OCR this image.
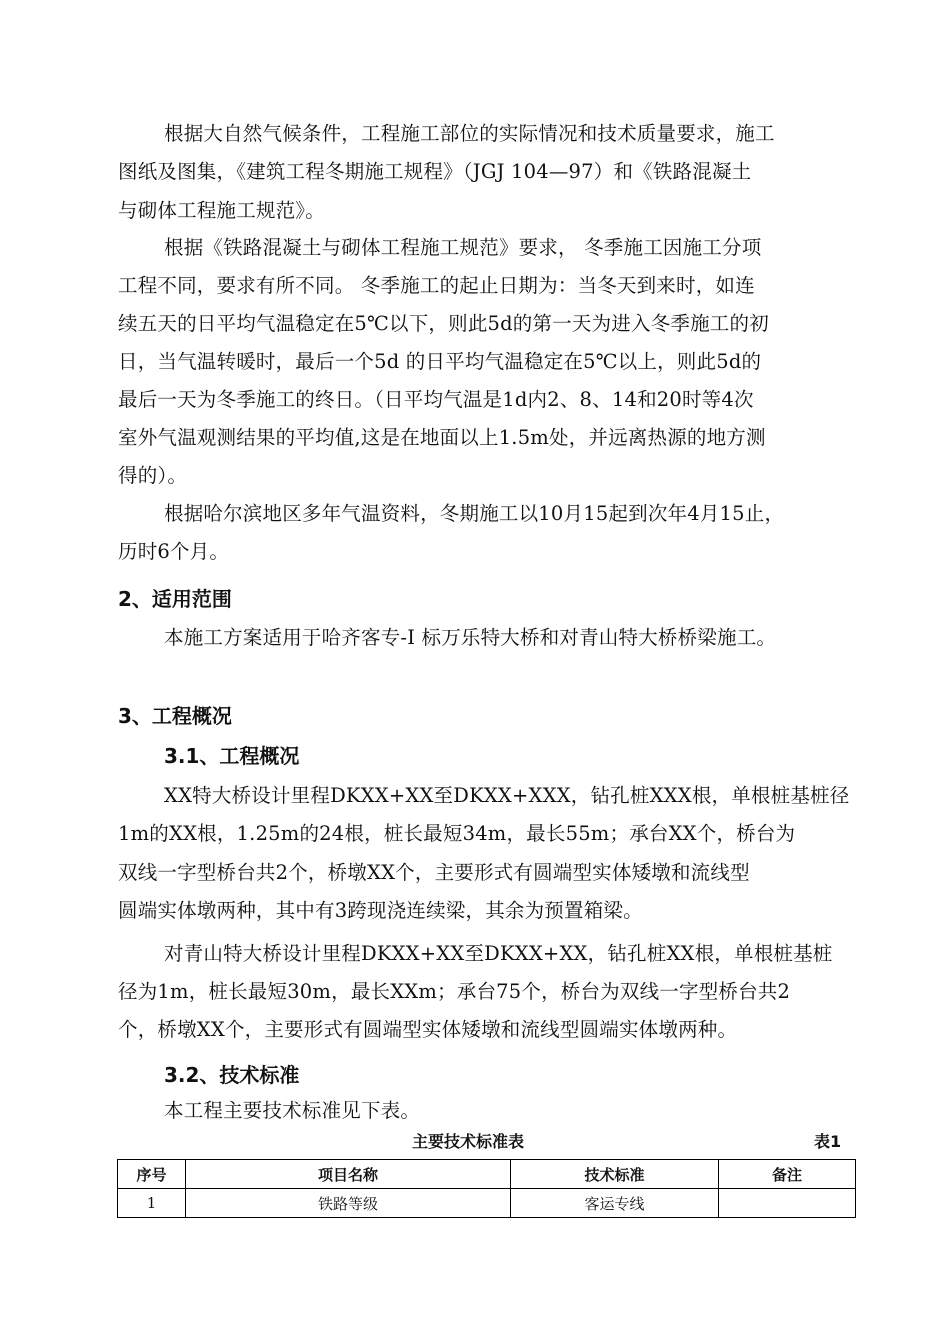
根据大自然气候条件，工程施工部位的实际情况和技术质量要求，施工
图纸及图集，《建筑工程冬期施工规程》（JGJ 104—97）和《铁路混凝土
与砌体工程施工规范》。
根据《铁路混凝土与砌体工程施工规范》要求， 冬季施工因施工分项
工程不同，要求有所不同。 冬季施工的起止日期为：当冬天到来时，如连
续五天的日平均气温稳定在5℃以下，则此5d的第一天为进入冬季施工的初
日，当气温转暖时，最后一个5d 的日平均气温稳定在5℃以上，则此5d的
最后一天为冬季施工的终日。（日平均气温是1d内2、8、14和20时等4次
室外气温观测结果的平均值,这是在地面以上1.5m处，并远离热源的地方测
得的）。
根据哈尔滨地区多年气温资料，冬期施工以10月15起到次年4月15止，
历时6个月。
2、适用范围
本施工方案适用于哈齐客专-Ⅰ 标万乐特大桥和对青山特大桥桥梁施工。
3、工程概况
3.1、工程概况
XX特大桥设计里程DKXX+XX至DKXX+XXX，钻孔桩XXX根，单根桩基桩径
1m的XX根，1.25m的24根，桩长最短34m，最长55m；承台XX个，桥台为
双线一字型桥台共2个，桥墩XX个，主要形式有圆端型实体矮墩和流线型
圆端实体墩两种，其中有3跨现浇连续梁，其余为预置箱梁。
对青山特大桥设计里程DKXX+XX至DKXX+XX，钻孔桩XX根，单根桩基桩
径为1m，桩长最短30m，最长XXm；承台75个，桥台为双线一字型桥台共2
个，桥墩XX个，主要形式有圆端型实体矮墩和流线型圆端实体墩两种。
3.2、技术标准
本工程主要技术标准见下表。
主要技术标准表	表1
序号	项目名称	技术标准	备注
1	铁路等级	客运专线	
